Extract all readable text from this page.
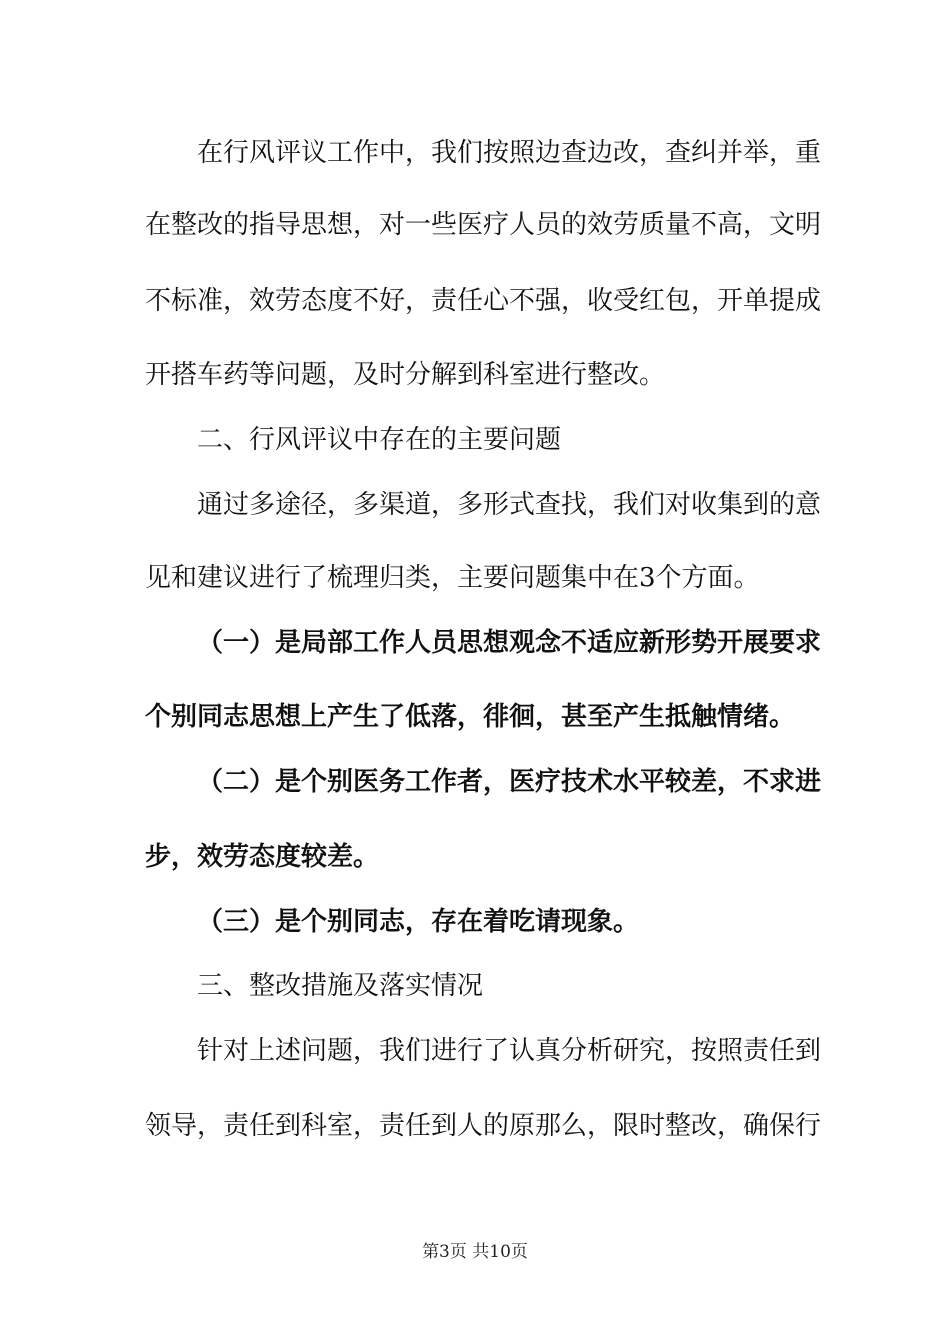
在行风评议工作中，我们按照边查边改，查纠并举，重
在整改的指导思想，对一些医疗人员的效劳质量不高，文明
不标准，效劳态度不好，责任心不强，收受红包，开单提成
开搭车药等问题，及时分解到科室进行整改。
二、行风评议中存在的主要问题
通过多途径，多渠道，多形式查找，我们对收集到的意
见和建议进行了梳理归类，主要问题集中在3个方面。
（一）是局部工作人员思想观念不适应新形势开展要求
个别同志思想上产生了低落，徘徊，甚至产生抵触情绪。
（二）是个别医务工作者，医疗技术水平较差，不求进
步，效劳态度较差。
（三）是个别同志，存在着吃请现象。
三、整改措施及落实情况
针对上述问题，我们进行了认真分析研究，按照责任到
领导，责任到科室，责任到人的原那么，限时整改，确保行
第3页 共10页
